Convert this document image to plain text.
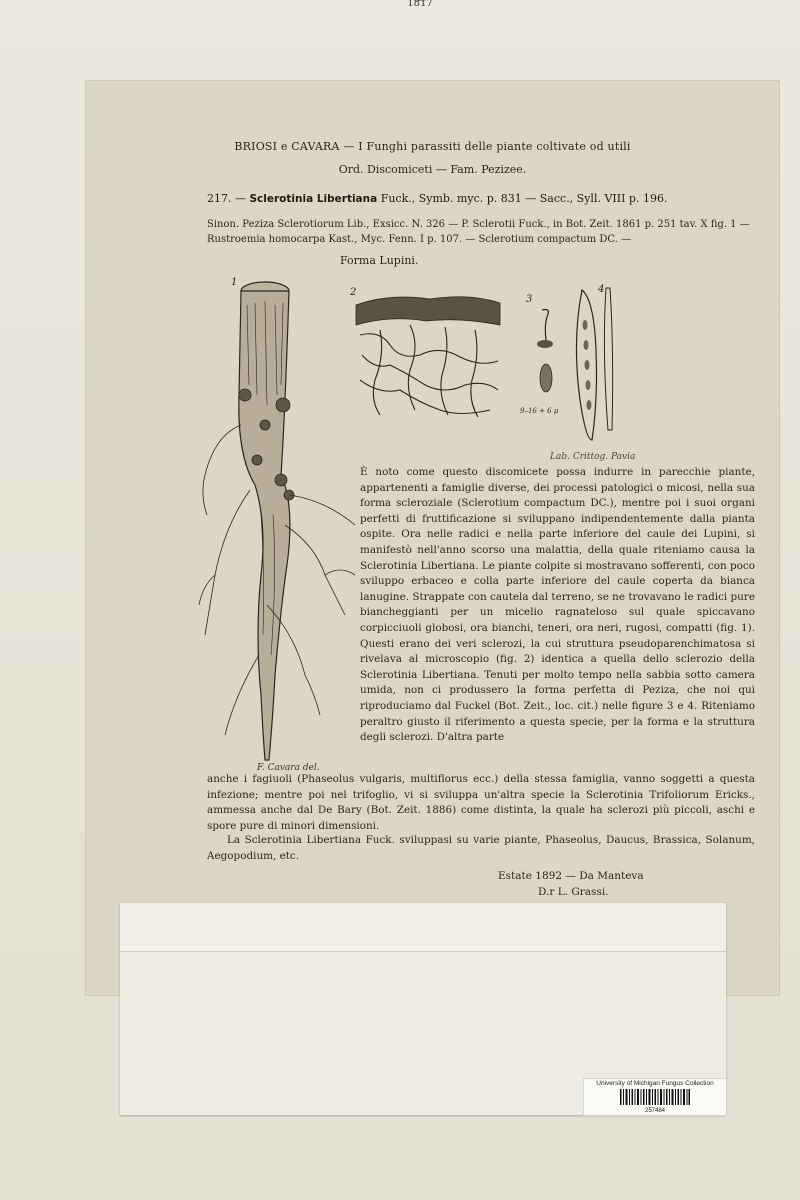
1817
BRIOSI e CAVARA — I Funghi parassiti delle piante coltivate od utili
Ord. Discomiceti — Fam. Pezizee.
217. — Sclerotinia Libertiana Fuck., Symb. myc. p. 831 — Sacc., Syll. VIII p. 196.
Sinon. Peziza Sclerotiorum Lib., Exsicc. N. 326 — P. Sclerotii Fuck., in Bot. Zeit. 1861 p. 251 tav. X fig. 1 — Rustroemia homocarpa Kast., Myc. Fenn. I p. 107. — Sclerotium compactum DC. —
Forma Lupini.
1
F. Cavara del.
2
3
4
9–16 + 6 μ
Lab. Crittog. Pavia
È noto come questo discomicete possa indurre in parecchie piante, appartenenti a famiglie diverse, dei processi patologici o micosi, nella sua forma scleroziale (Sclerotium compactum DC.), mentre poi i suoi organi perfetti di fruttificazione si sviluppano indipendentemente dalla pianta ospite. Ora nelle radici e nella parte inferiore del caule dei Lupini, si manifestò nell'anno scorso una malattia, della quale riteniamo causa la Sclerotinia Libertiana. Le piante colpite si mostravano sofferenti, con poco sviluppo erbaceo e colla parte inferiore del caule coperta da bianca lanugine. Strappate con cautela dal terreno, se ne trovavano le radici pure biancheggianti per un micelio ragnateloso sul quale spiccavano corpicciuoli globosi, ora bianchi, teneri, ora neri, rugosi, compatti (fig. 1). Questi erano dei veri sclerozi, la cui struttura pseudoparenchimatosa si rivelava al microscopio (fig. 2) identica a quella dello sclerozio della Sclerotinia Libertiana. Tenuti per molto tempo nella sabbia sotto camera umida, non ci produssero la forma perfetta di Peziza, che noi qui riproduciamo dal Fuckel (Bot. Zeit., loc. cit.) nelle figure 3 e 4. Riteniamo peraltro giusto il riferimento a questa specie, per la forma e la struttura degli sclerozi. D'altra parte
anche i fagiuoli (Phaseolus vulgaris, multiflorus ecc.) della stessa famiglia, vanno soggetti a questa infezione; mentre poi nel trifoglio, vi si sviluppa un'altra specie la Sclerotinia Trifoliorum Ericks., ammessa anche dal De Bary (Bot. Zeit. 1886) come distinta, la quale ha sclerozi più piccoli, aschi e spore pure di minori dimensioni.
La Sclerotinia Libertiana Fuck. sviluppasi su varie piante, Phaseolus, Daucus, Brassica, Solanum, Aegopodium, etc.
Estate 1892 — Da Manteva
D.r L. Grassi.
University of Michigan Fungus Collection
257484
